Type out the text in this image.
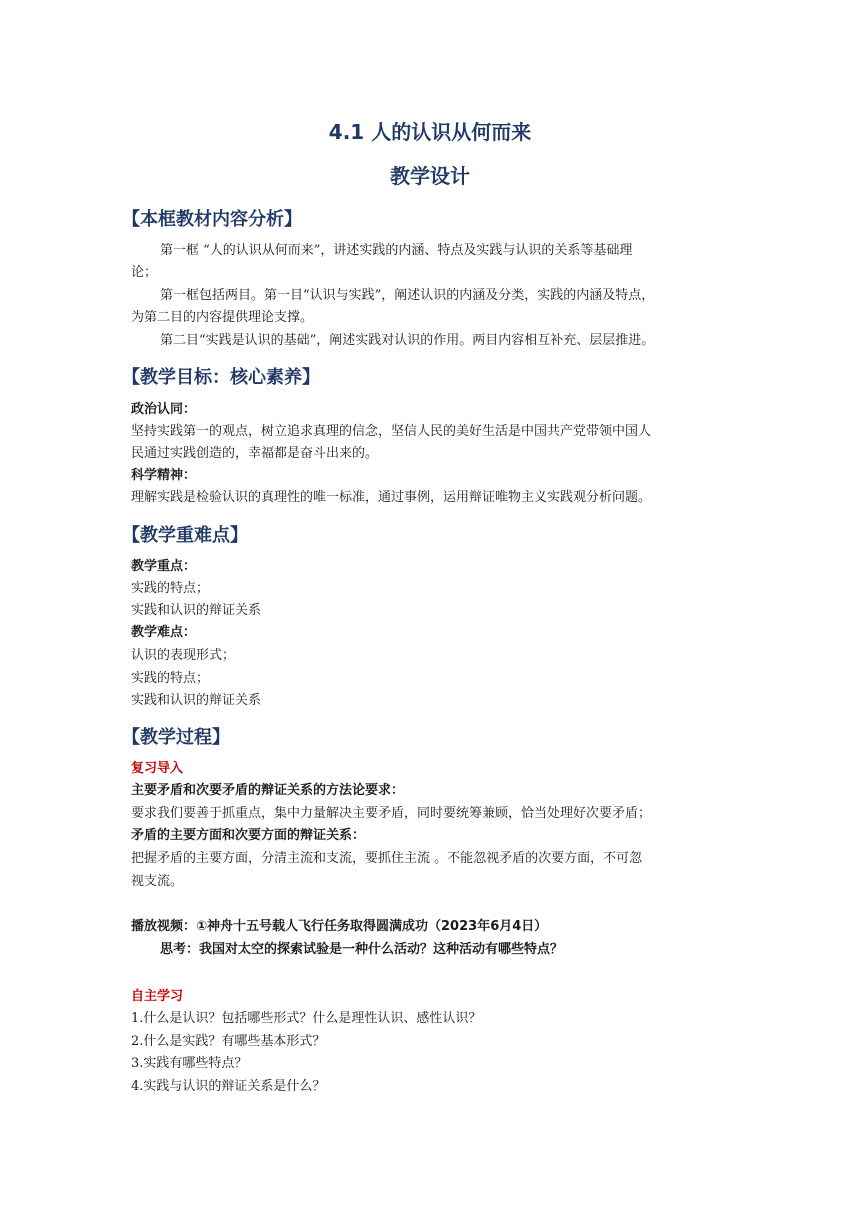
4.1 人的认识从何而来
教学设计
【本框教材内容分析】
第一框 “人的认识从何而来”，讲述实践的内涵、特点及实践与认识的关系等基础理
论；
第一框包括两目。第一目“认识与实践”，阐述认识的内涵及分类，实践的内涵及特点，
为第二目的内容提供理论支撑。
第二目“实践是认识的基础”，阐述实践对认识的作用。两目内容相互补充、层层推进。
【教学目标：核心素养】
政治认同：
坚持实践第一的观点，树立追求真理的信念，坚信人民的美好生活是中国共产党带领中国人
民通过实践创造的，幸福都是奋斗出来的。
科学精神：
理解实践是检验认识的真理性的唯一标准，通过事例，运用辩证唯物主义实践观分析问题。
【教学重难点】
教学重点：
实践的特点；
实践和认识的辩证关系
教学难点：
认识的表现形式；
实践的特点；
实践和认识的辩证关系
【教学过程】
复习导入
主要矛盾和次要矛盾的辩证关系的方法论要求：
要求我们要善于抓重点，集中力量解决主要矛盾，同时要统筹兼顾，恰当处理好次要矛盾；
矛盾的主要方面和次要方面的辩证关系：
把握矛盾的主要方面，分清主流和支流，要抓住主流 。不能忽视矛盾的次要方面，不可忽
视支流。
播放视频：①神舟十五号载人飞行任务取得圆满成功（2023年6月4日）
思考：我国对太空的探索试验是一种什么活动？这种活动有哪些特点？
自主学习
1.什么是认识？包括哪些形式？什么是理性认识、感性认识？
2.什么是实践？有哪些基本形式？
3.实践有哪些特点？
4.实践与认识的辩证关系是什么？
